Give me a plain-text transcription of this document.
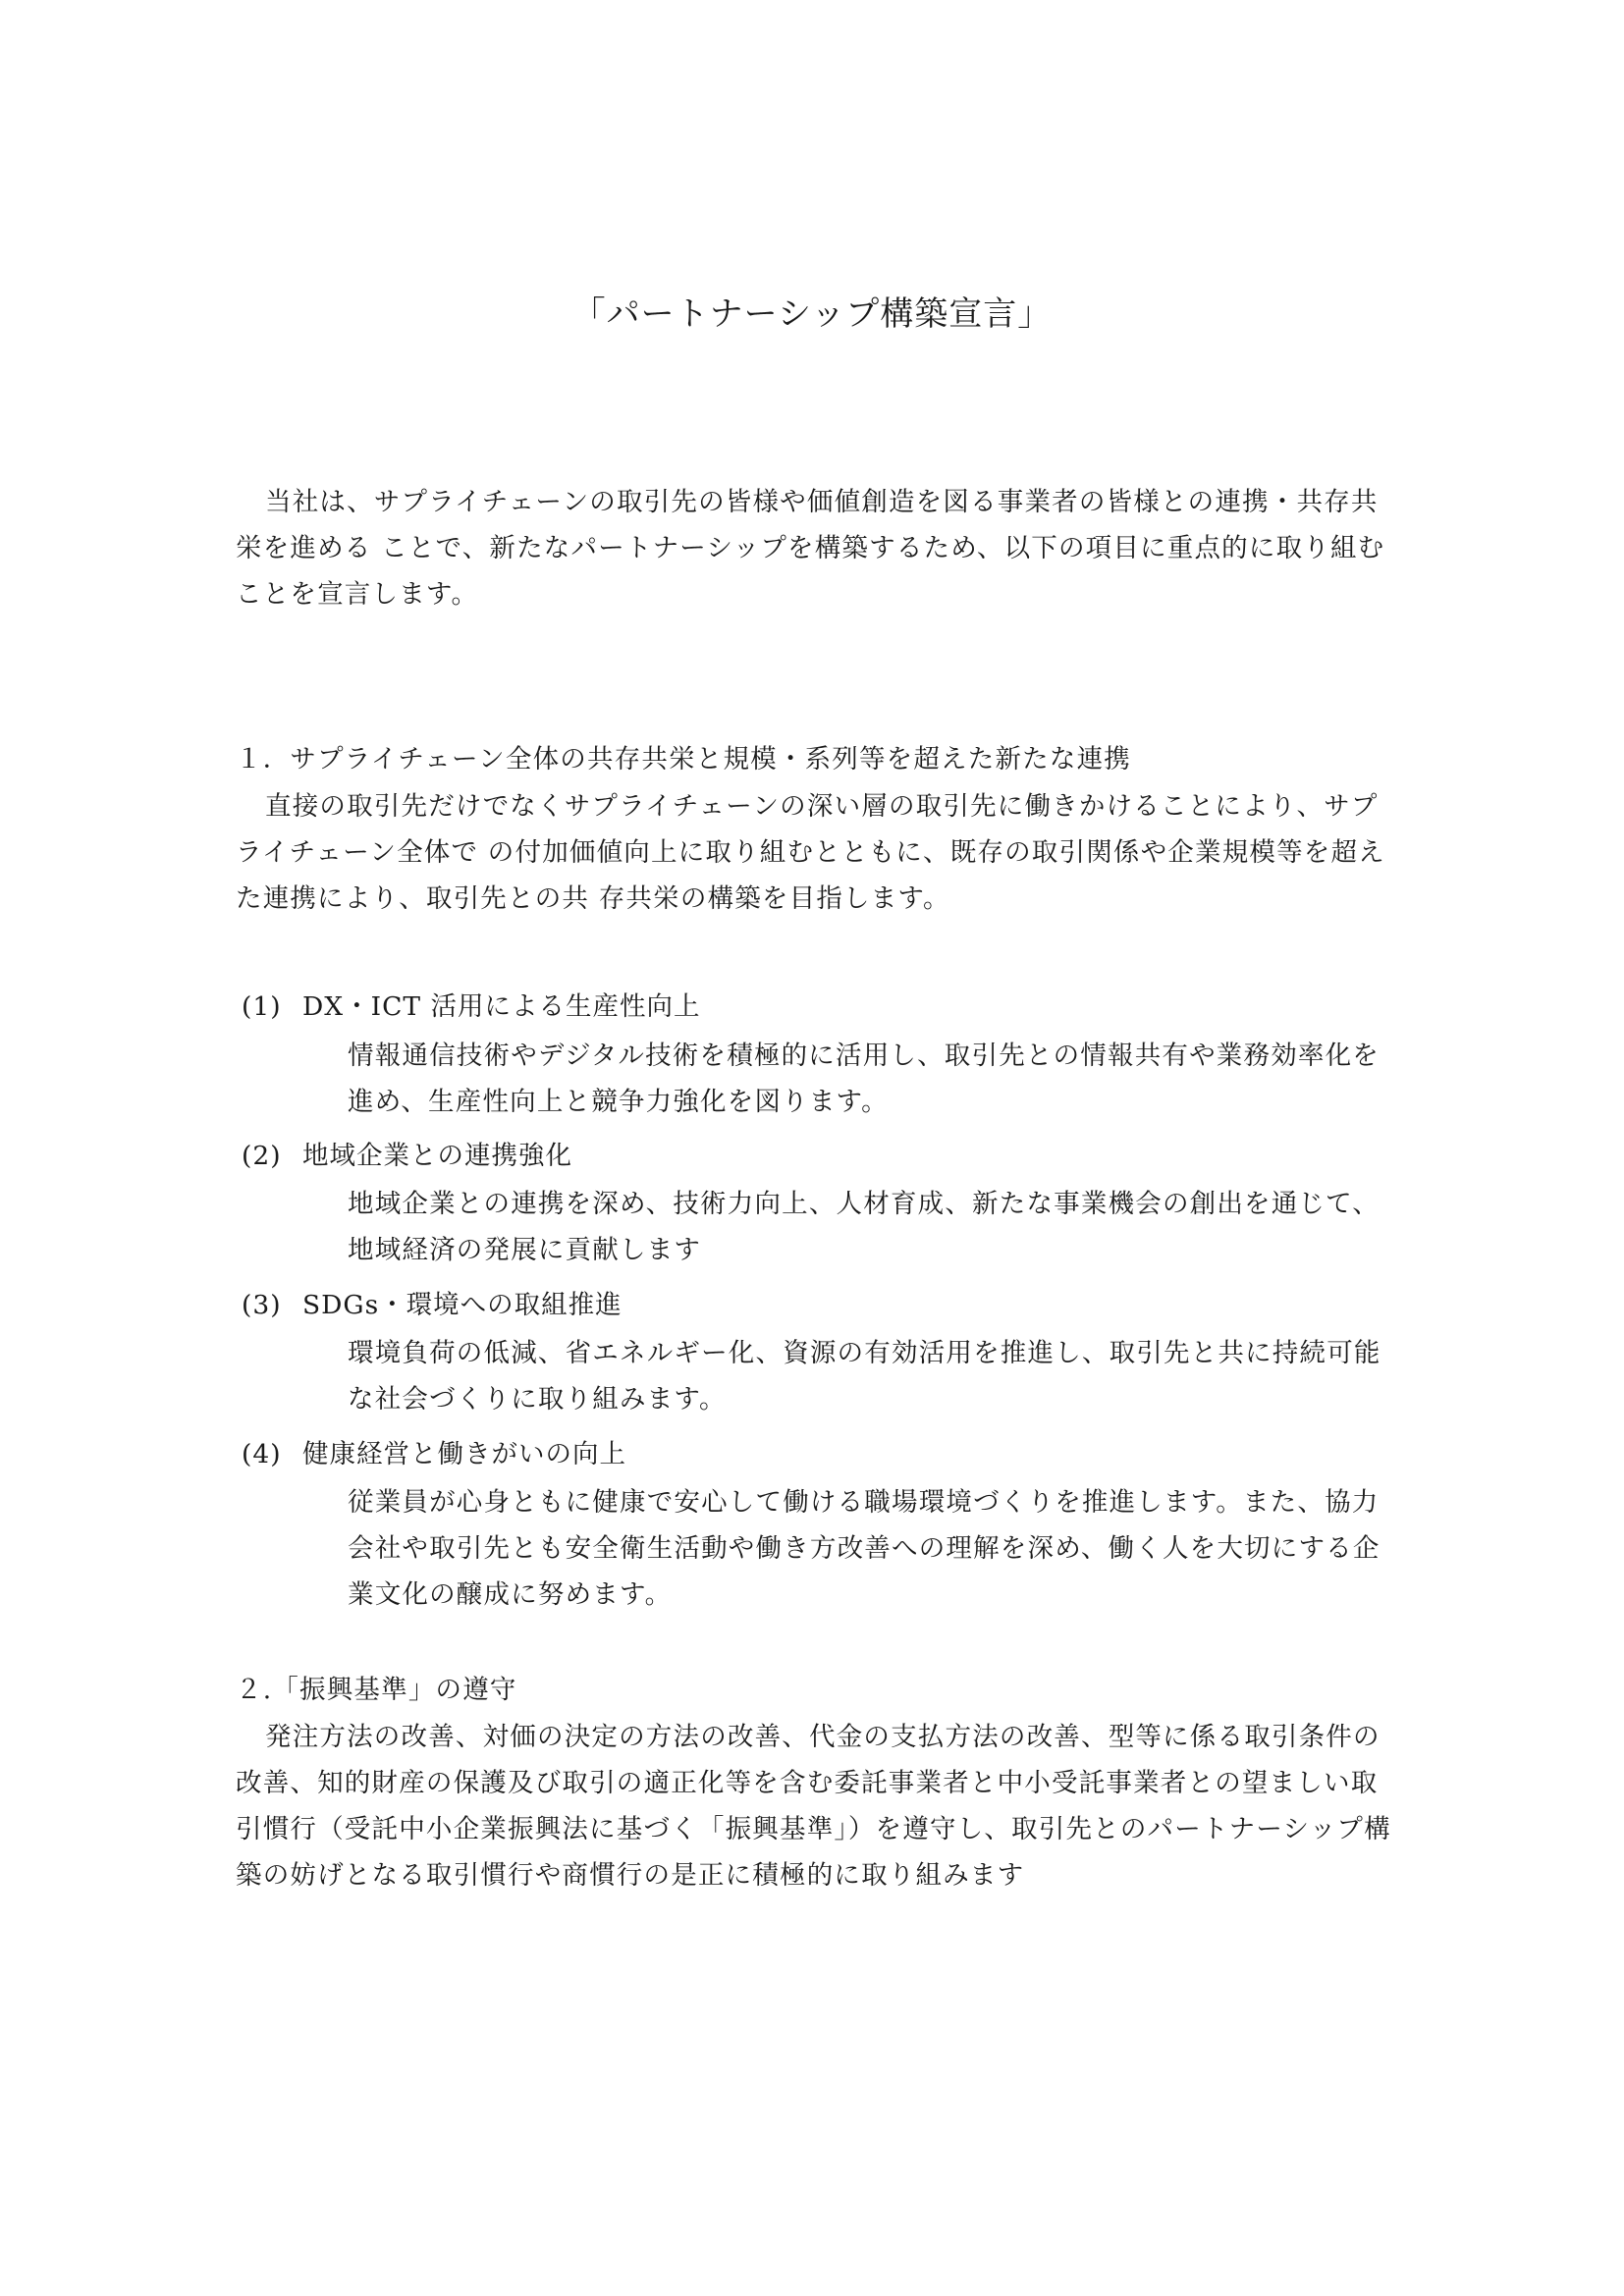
「パートナーシップ構築宣言」
当社は、サプライチェーンの取引先の皆様や価値創造を図る事業者の皆様との連携・共存共栄を進める ことで、新たなパートナーシップを構築するため、以下の項目に重点的に取り組むことを宣言します。
１．サプライチェーン全体の共存共栄と規模・系列等を超えた新たな連携
直接の取引先だけでなくサプライチェーンの深い層の取引先に働きかけることにより、サプライチェーン全体で の付加価値向上に取り組むとともに、既存の取引関係や企業規模等を超えた連携により、取引先との共 存共栄の構築を目指します。
(1) DX・ICT 活用による生産性向上
情報通信技術やデジタル技術を積極的に活用し、取引先との情報共有や業務効率化を進め、生産性向上と競争力強化を図ります。
(2) 地域企業との連携強化
地域企業との連携を深め、技術力向上、人材育成、新たな事業機会の創出を通じて、地域経済の発展に貢献します
(3) SDGs・環境への取組推進
環境負荷の低減、省エネルギー化、資源の有効活用を推進し、取引先と共に持続可能な社会づくりに取り組みます。
(4) 健康経営と働きがいの向上
従業員が心身ともに健康で安心して働ける職場環境づくりを推進します。また、協力会社や取引先とも安全衛生活動や働き方改善への理解を深め、働く人を大切にする企業文化の醸成に努めます。
２.「振興基準」の遵守
発注方法の改善、対価の決定の方法の改善、代金の支払方法の改善、型等に係る取引条件の改善、知的財産の保護及び取引の適正化等を含む委託事業者と中小受託事業者との望ましい取引慣行（受託中小企業振興法に基づく「振興基準」）を遵守し、取引先とのパートナーシップ構築の妨げとなる取引慣行や商慣行の是正に積極的に取り組みます
